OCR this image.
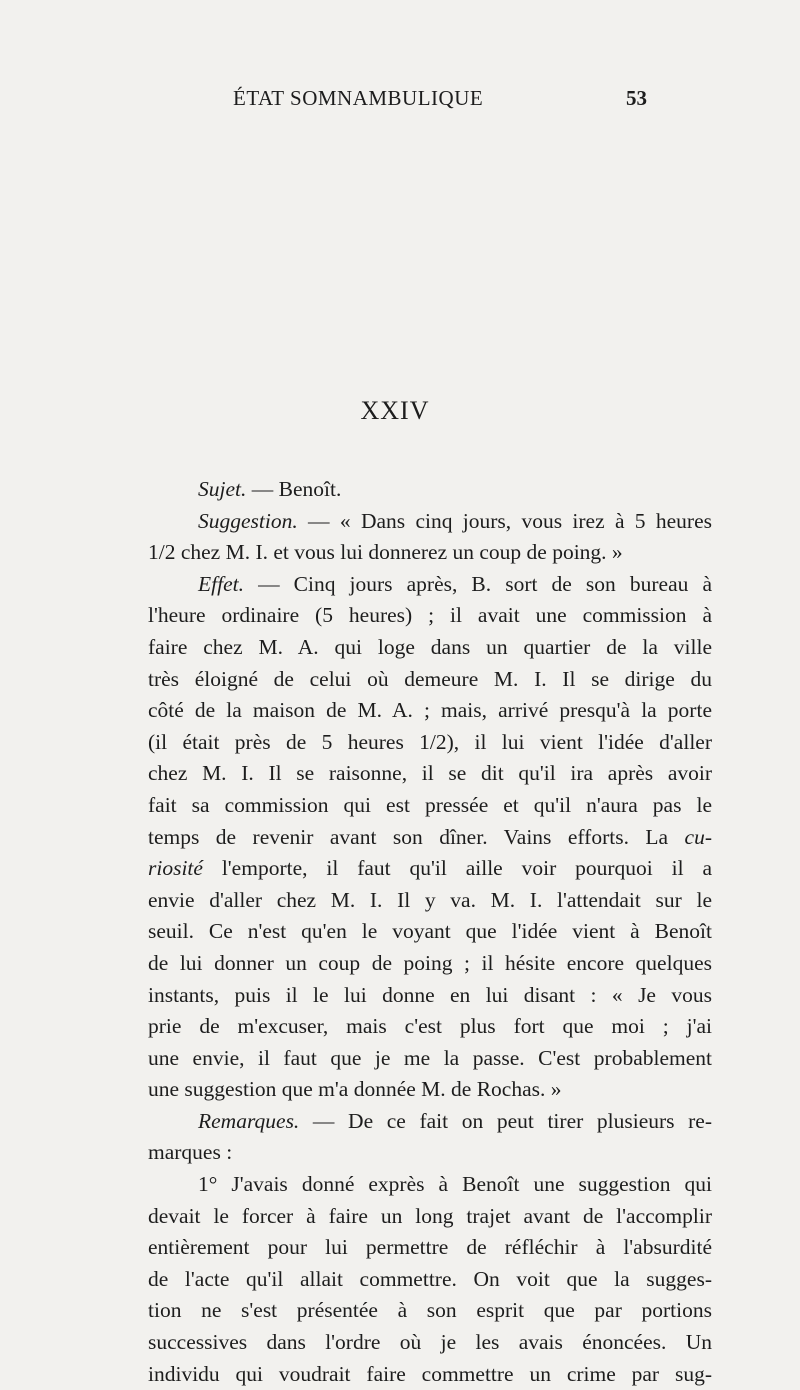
ÉTAT SOMNAMBULIQUE	53
XXIV
Sujet. — Benoît.
Suggestion. — « Dans cinq jours, vous irez à 5 heures
1/2 chez M. I. et vous lui donnerez un coup de poing. »
Effet. — Cinq jours après, B. sort de son bureau à
l'heure ordinaire (5 heures) ; il avait une commission à
faire chez M. A. qui loge dans un quartier de la ville
très éloigné de celui où demeure M. I. Il se dirige du
côté de la maison de M. A. ; mais, arrivé presqu'à la porte
(il était près de 5 heures 1/2), il lui vient l'idée d'aller
chez M. I. Il se raisonne, il se dit qu'il ira après avoir
fait sa commission qui est pressée et qu'il n'aura pas le
temps de revenir avant son dîner. Vains efforts. La cu-
riosité l'emporte, il faut qu'il aille voir pourquoi il a
envie d'aller chez M. I. Il y va. M. I. l'attendait sur le
seuil. Ce n'est qu'en le voyant que l'idée vient à Benoît
de lui donner un coup de poing ; il hésite encore quelques
instants, puis il le lui donne en lui disant : « Je vous
prie de m'excuser, mais c'est plus fort que moi ; j'ai
une envie, il faut que je me la passe. C'est probablement
une suggestion que m'a donnée M. de Rochas. »
Remarques. — De ce fait on peut tirer plusieurs re-
marques :
1° J'avais donné exprès à Benoît une suggestion qui
devait le forcer à faire un long trajet avant de l'accomplir
entièrement pour lui permettre de réfléchir à l'absurdité
de l'acte qu'il allait commettre. On voit que la sugges-
tion ne s'est présentée à son esprit que par portions
successives dans l'ordre où je les avais énoncées. Un
individu qui voudrait faire commettre un crime par sug-
